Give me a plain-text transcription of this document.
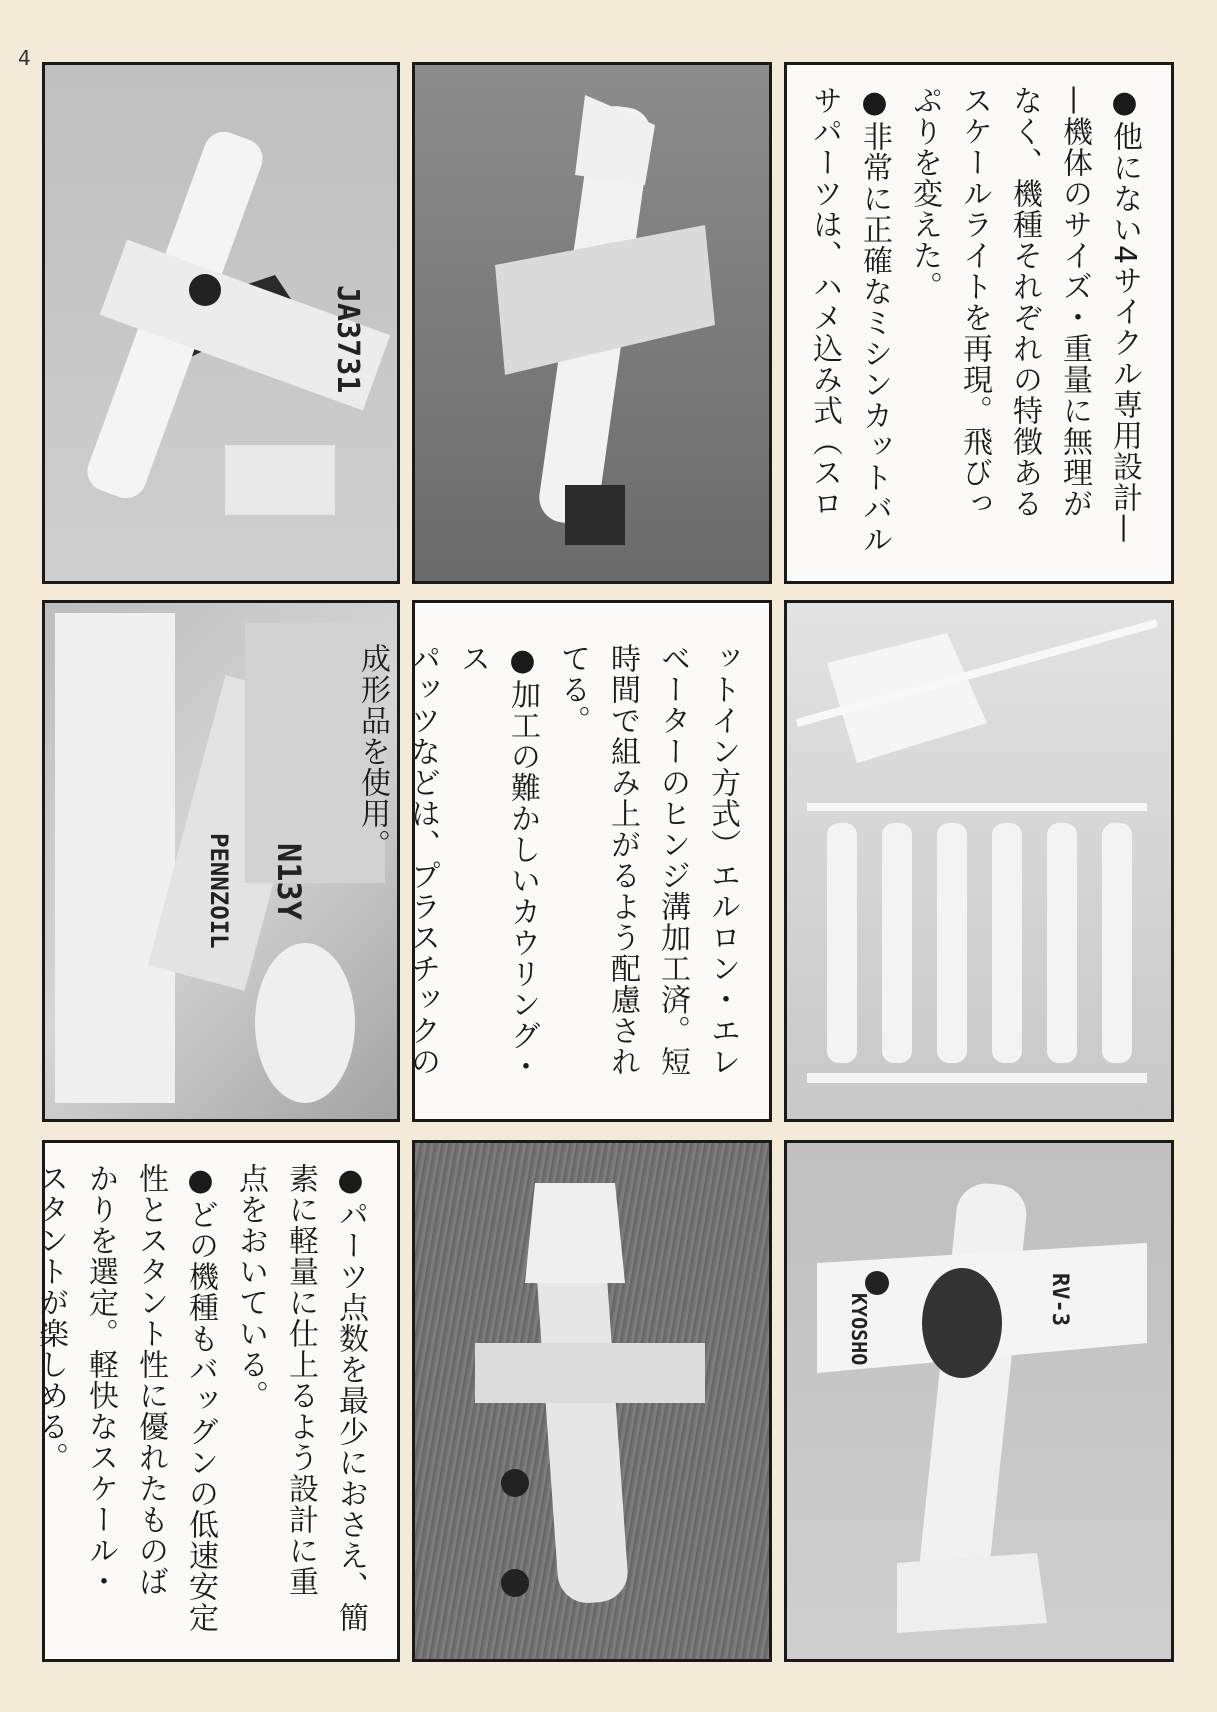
4
JA3731	●他にない4サイクル専用設計—

—機体のサイズ・重量に無理が

なく、機種それぞれの特徴ある

スケールライトを再現。飛びっ

ぷりを変えた。

●非常に正確なミシンカットバル

サパーツは、ハメ込み式（スロ

PENNZOIL N13Y	ットイン方式）エルロン・エレ

ベーターのヒンジ溝加工済。短

時間で組み上がるよう配慮され

てる。

●加工の難かしいカウリング・ス

パッツなどは、プラスチックの

成形品を使用。

●パーツ点数を最少におさえ、簡

素に軽量に仕上るよう設計に重

点をおいている。

●どの機種もバッグンの低速安定

性とスタント性に優れたものば

かりを選定。軽快なスケール・

スタントが楽しめる。	RV-3
KYOSHO
